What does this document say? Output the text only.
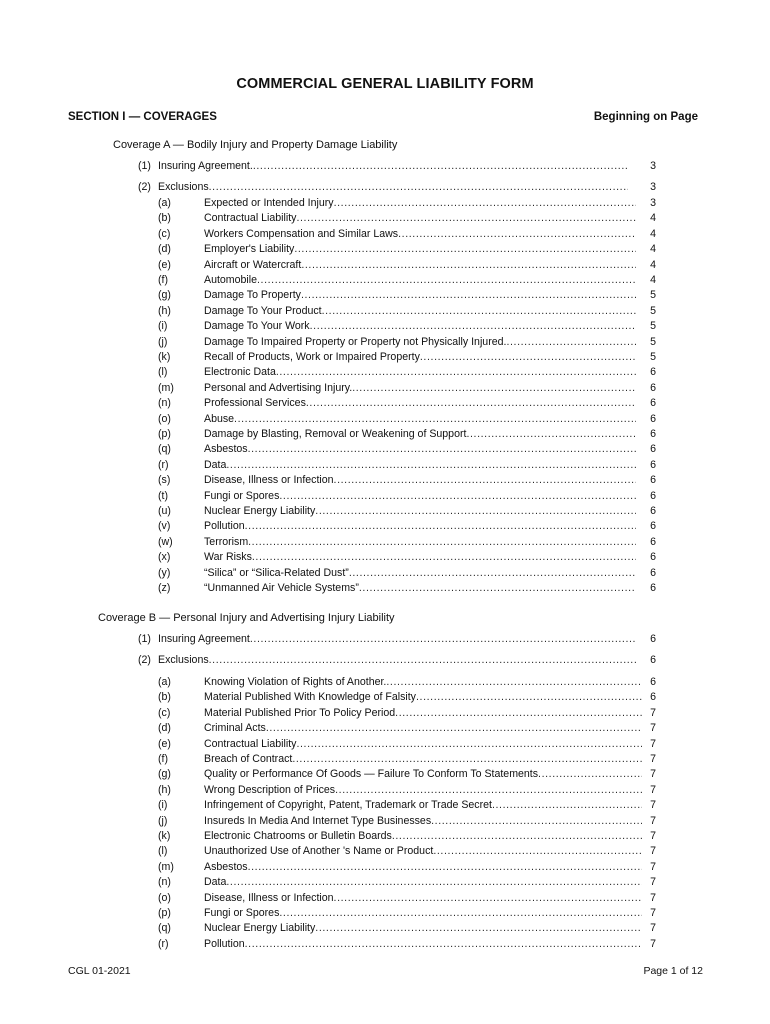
COMMERCIAL GENERAL LIABILITY FORM
SECTION I — COVERAGES	Beginning on Page
Coverage A — Bodily Injury and Property Damage Liability
(1) Insuring Agreement. .....	3
(2) Exclusions .....	3
(a)	Expected or Intended Injury .....	3
(b)	Contractual Liability .....	4
(c)	Workers Compensation and Similar Laws .....	4
(d)	Employer's Liability .....	4
(e)	Aircraft or Watercraft .....	4
(f)	Automobile .....	4
(g)	Damage To Property .....	5
(h)	Damage To Your Product .....	5
(i)	Damage To Your Work .....	5
(j)	Damage To Impaired Property or Property not Physically Injured. .....	5
(k)	Recall of Products, Work or Impaired Property .....	5
(l)	Electronic Data .....	6
(m)	Personal and Advertising Injury. .....	6
(n)	Professional Services .....	6
(o)	Abuse .....	6
(p)	Damage by Blasting, Removal or Weakening of Support .....	6
(q)	Asbestos .....	6
(r)	Data .....	6
(s)	Disease, Illness or Infection .....	6
(t)	Fungi or Spores .....	6
(u)	Nuclear Energy Liability .....	6
(v)	Pollution .....	6
(w)	Terrorism .....	6
(x)	War Risks .....	6
(y)	“Silica” or “Silica-Related Dust” .....	6
(z)	“Unmanned Air Vehicle Systems” .....	6
Coverage B — Personal Injury and Advertising Injury Liability
(1) Insuring Agreement .....	6
(2) Exclusions .....	6
(a)	Knowing Violation of Rights of Another. .....	6
(b)	Material Published With Knowledge of Falsity .....	6
(c)	Material Published Prior To Policy Period .....	7
(d)	Criminal Acts .....	7
(e)	Contractual Liability .....	7
(f)	Breach of Contract .....	7
(g)	Quality or Performance Of Goods — Failure To Conform To Statements .....	7
(h)	Wrong Description of Prices .....	7
(i)	Infringement of Copyright, Patent, Trademark or Trade Secret .....	7
(j)	Insureds In Media And Internet Type Businesses .....	7
(k)	Electronic Chatrooms or Bulletin Boards .....	7
(l)	Unauthorized Use of Another 's Name or Product .....	7
(m)	Asbestos .....	7
(n)	Data .....	7
(o)	Disease, Illness or Infection .....	7
(p)	Fungi or Spores .....	7
(q)	Nuclear Energy Liability .....	7
(r)	Pollution .....	7
CGL 01-2021	Page 1 of 12
